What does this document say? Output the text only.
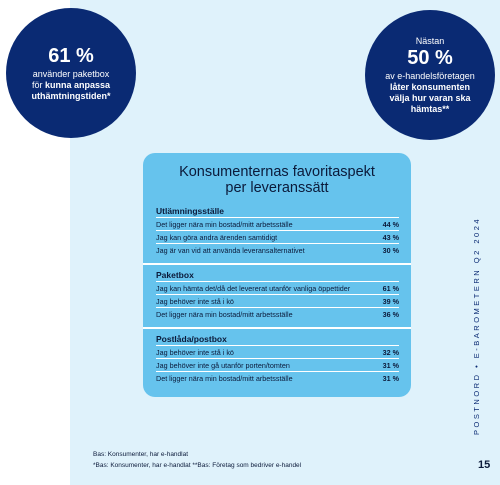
61 %
använder paketbox
för kunna anpassa
uthämtningstiden*
Nästan
50 %
av e-handelsföretagen
låter konsumenten
välja hur varan ska
hämtas**
Konsumenternas favoritaspekt
per leveranssätt
Utlämningsställe
Det ligger nära min bostad/mitt arbetsställe	44 %
Jag kan göra andra ärenden samtidigt	43 %
Jag är van vid att använda leveransalternativet	30 %
Paketbox
Jag kan hämta det/då det levererat utanför vanliga öppettider	61 %
Jag behöver inte stå i kö	39 %
Det ligger nära min bostad/mitt arbetsställe	36 %
Postlåda/postbox
Jag behöver inte stå i kö	32 %
Jag behöver inte gå utanför porten/tomten	31 %
Det ligger nära min bostad/mitt arbetsställe	31 %	POSTNORD • E-BAROMETERN Q2 2024
Bas: Konsumenter, har e-handlat
*Bas: Konsumenter, har e-handlat **Bas: Företag som bedriver e-handel	15
